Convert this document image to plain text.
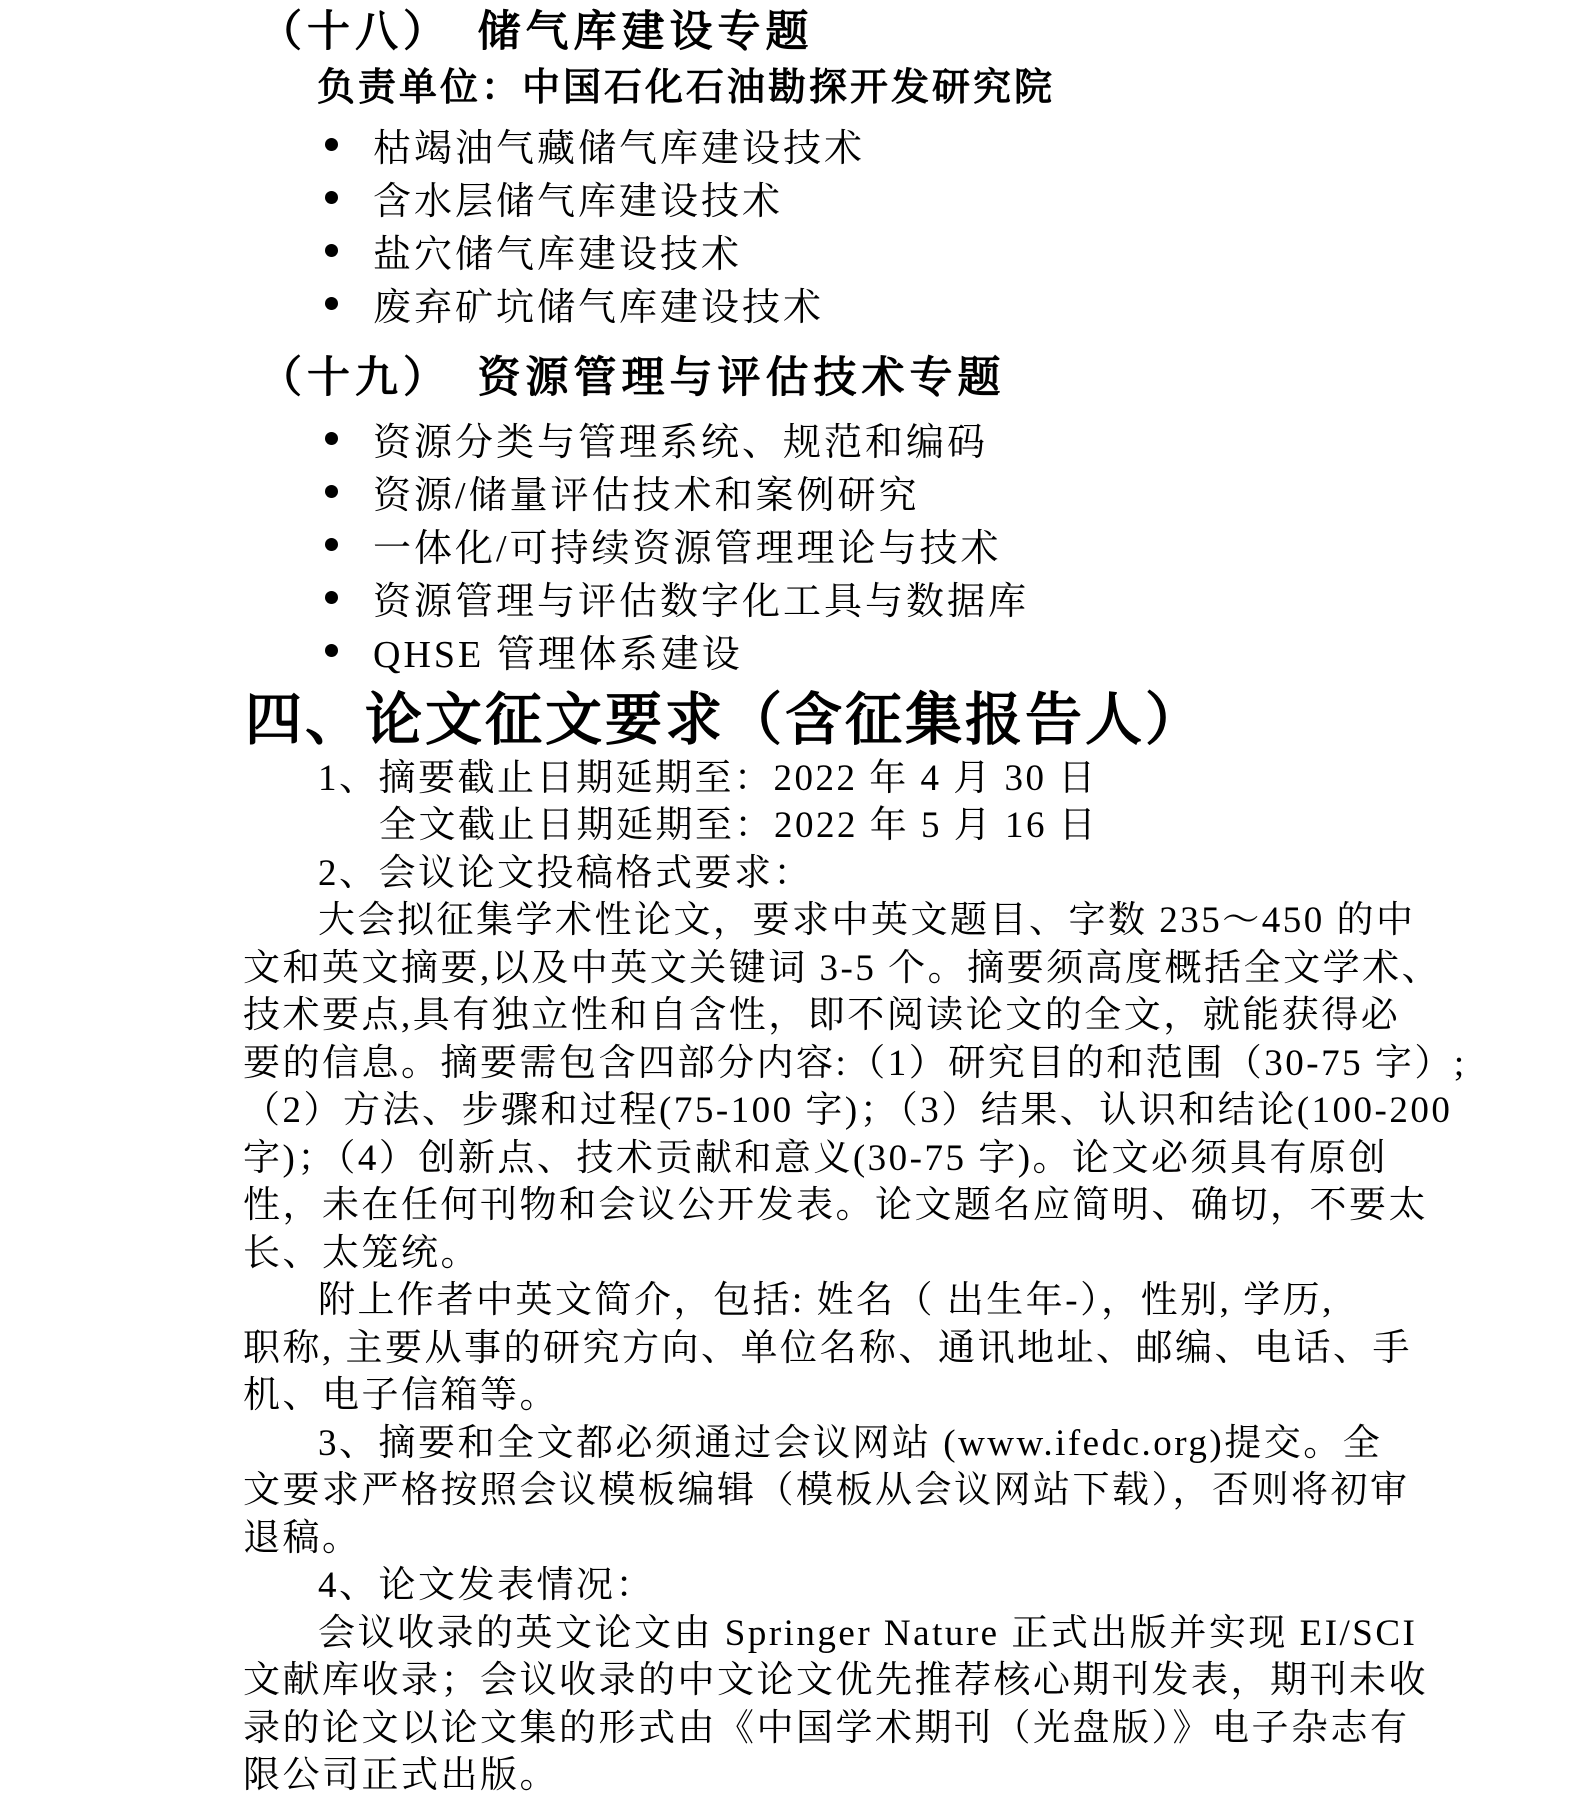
（十八）　储气库建设专题

负责单位：中国石化石油勘探开发研究院

枯竭油气藏储气库建设技术
含水层储气库建设技术
盐穴储气库建设技术
废弃矿坑储气库建设技术
（十九）　资源管理与评估技术专题
资源分类与管理系统、规范和编码
资源/储量评估技术和案例研究
一体化/可持续资源管理理论与技术
资源管理与评估数字化工具与数据库
QHSE 管理体系建设
四、论文征文要求（含征集报告人）

1、摘要截止日期延期至：2022 年 4 月 30 日

全文截止日期延期至：2022 年 5 月 16 日

2、会议论文投稿格式要求：

大会拟征集学术性论文，要求中英文题目、字数 235～450 的中

文和英文摘要,以及中英文关键词 3-5 个。摘要须高度概括全文学术、

技术要点,具有独立性和自含性，即不阅读论文的全文，就能获得必

要的信息。摘要需包含四部分内容:（1）研究目的和范围（30-75 字）;

（2）方法、步骤和过程(75-100 字)；（3）结果、认识和结论(100-200

字)；（4）创新点、技术贡献和意义(30-75 字)。论文必须具有原创

性，未在任何刊物和会议公开发表。论文题名应简明、确切，不要太

长、太笼统。

附上作者中英文简介，包括: 姓名（ 出生年-），性别, 学历,

职称, 主要从事的研究方向、单位名称、通讯地址、邮编、电话、手

机、电子信箱等。

3、摘要和全文都必须通过会议网站 (www.ifedc.org)提交。全

文要求严格按照会议模板编辑（模板从会议网站下载），否则将初审

退稿。

4、论文发表情况：

会议收录的英文论文由 Springer Nature 正式出版并实现 EI/SCI

文献库收录；会议收录的中文论文优先推荐核心期刊发表，期刊未收

录的论文以论文集的形式由《中国学术期刊（光盘版）》电子杂志有

限公司正式出版。
